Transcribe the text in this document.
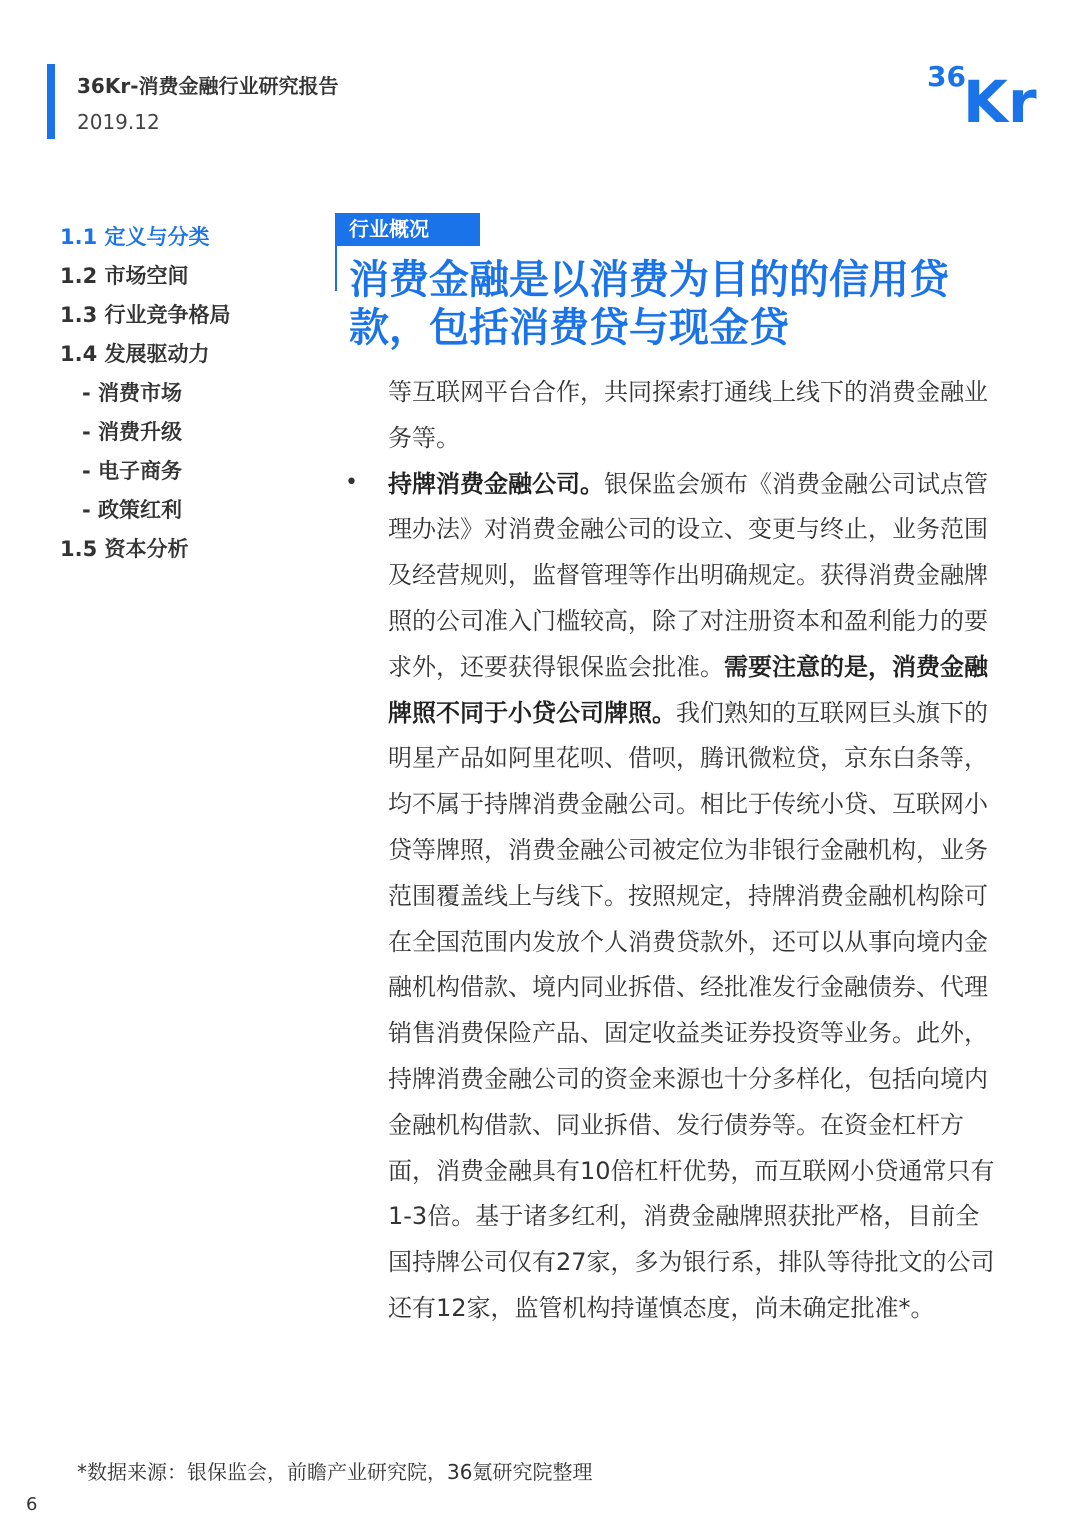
36Kr-消费金融行业研究报告
2019.12
36
Kr
1.1 定义与分类
1.2 市场空间
1.3 行业竞争格局
1.4 发展驱动力
- 消费市场
- 消费升级
- 电子商务
- 政策红利
1.5 资本分析
行业概况
消费金融是以消费为目的的信用贷款，包括消费贷与现金贷
•

等互联网平台合作，共同探索打通线上线下的消费金融业务等。

持牌消费金融公司。银保监会颁布《消费金融公司试点管理办法》对消费金融公司的设立、变更与终止，业务范围及经营规则，监督管理等作出明确规定。获得消费金融牌照的公司准入门槛较高，除了对注册资本和盈利能力的要求外，还要获得银保监会批准。需要注意的是，消费金融牌照不同于小贷公司牌照。我们熟知的互联网巨头旗下的明星产品如阿里花呗、借呗，腾讯微粒贷，京东白条等，均不属于持牌消费金融公司。相比于传统小贷、互联网小贷等牌照，消费金融公司被定位为非银行金融机构，业务范围覆盖线上与线下。按照规定，持牌消费金融机构除可在全国范围内发放个人消费贷款外，还可以从事向境内金融机构借款、境内同业拆借、经批准发行金融债券、代理销售消费保险产品、固定收益类证券投资等业务。此外，持牌消费金融公司的资金来源也十分多样化，包括向境内金融机构借款、同业拆借、发行债券等。在资金杠杆方面，消费金融具有10倍杠杆优势，而互联网小贷通常只有1-3倍。基于诸多红利，消费金融牌照获批严格，目前全国持牌公司仅有27家，多为银行系，排队等待批文的公司还有12家，监管机构持谨慎态度，尚未确定批准*。

*数据来源：银保监会，前瞻产业研究院，36氪研究院整理
6
